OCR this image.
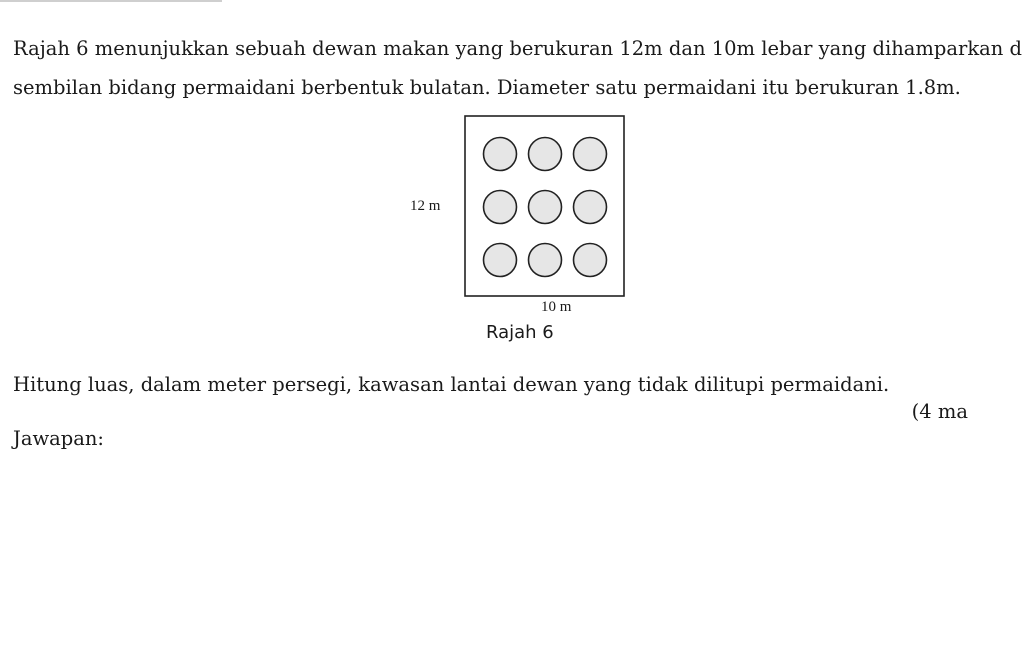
Rajah 6 menunjukkan sebuah dewan makan yang berukuran 12m dan 10m lebar yang dihamparkan d
sembilan bidang permaidani berbentuk bulatan. Diameter satu permaidani itu berukuran 1.8m.
12 m
10 m
Rajah 6
Hitung luas, dalam meter persegi, kawasan lantai dewan yang tidak dilitupi permaidani.
(4 ma
Jawapan:
